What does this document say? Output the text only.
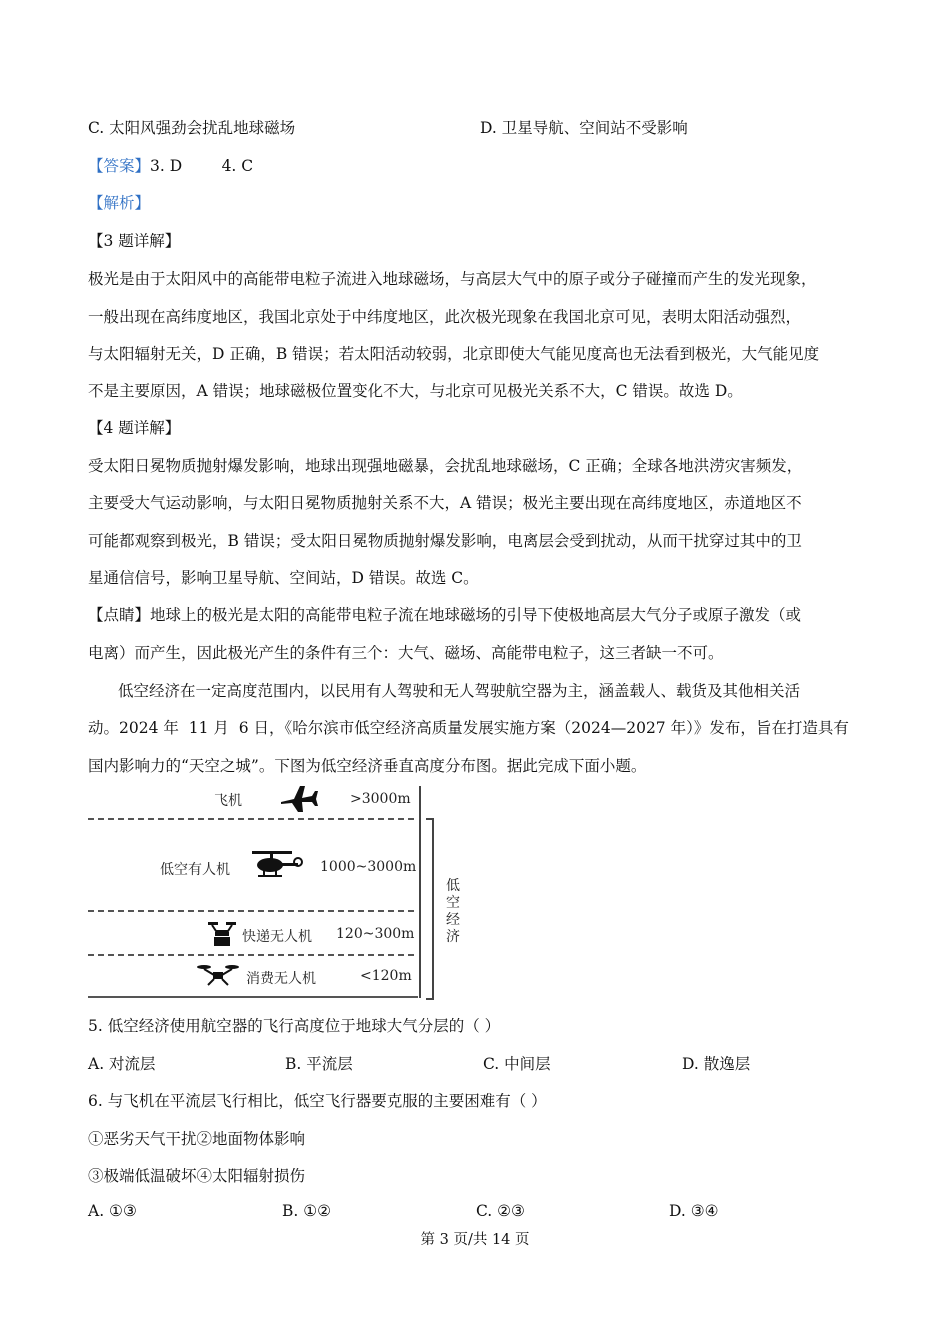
C. 太阳风强劲会扰乱地球磁场	D. 卫星导航、空间站不受影响
【答案】3. D        4. C
【解析】
【3 题详解】
极光是由于太阳风中的高能带电粒子流进入地球磁场，与高层大气中的原子或分子碰撞而产生的发光现象，
一般出现在高纬度地区，我国北京处于中纬度地区，此次极光现象在我国北京可见，表明太阳活动强烈，
与太阳辐射无关，D 正确，B 错误；若太阳活动较弱，北京即使大气能见度高也无法看到极光，大气能见度
不是主要原因，A 错误；地球磁极位置变化不大，与北京可见极光关系不大，C 错误。故选 D。
【4 题详解】
受太阳日冕物质抛射爆发影响，地球出现强地磁暴，会扰乱地球磁场，C 正确；全球各地洪涝灾害频发，
主要受大气运动影响，与太阳日冕物质抛射关系不大，A 错误；极光主要出现在高纬度地区，赤道地区不
可能都观察到极光，B 错误；受太阳日冕物质抛射爆发影响，电离层会受到扰动，从而干扰穿过其中的卫
星通信信号，影响卫星导航、空间站，D 错误。故选 C。
【点睛】地球上的极光是太阳的高能带电粒子流在地球磁场的引导下使极地高层大气分子或原子激发（或
电离）而产生，因此极光产生的条件有三个：大气、磁场、高能带电粒子，这三者缺一不可。
低空经济在一定高度范围内，以民用有人驾驶和无人驾驶航空器为主，涵盖载人、载货及其他相关活
动。2024 年  11 月  6 日，《哈尔滨市低空经济高质量发展实施方案（2024—2027 年）》发布，旨在打造具有
国内影响力的“天空之城”。下图为低空经济垂直高度分布图。据此完成下面小题。
飞机	>3000m
低空有人机	1000~3000m
快递无人机 120~300m
消费无人机	<120m
低空经济
5. 低空经济使用航空器的飞行高度位于地球大气分层的（ ）
A. 对流层	B. 平流层	C. 中间层	D. 散逸层
6. 与飞机在平流层飞行相比，低空飞行器要克服的主要困难有（ ）
①恶劣天气干扰②地面物体影响
③极端低温破坏④太阳辐射损伤
A. ①③	B. ①②	C. ②③	D. ③④
第 3 页/共 14 页
